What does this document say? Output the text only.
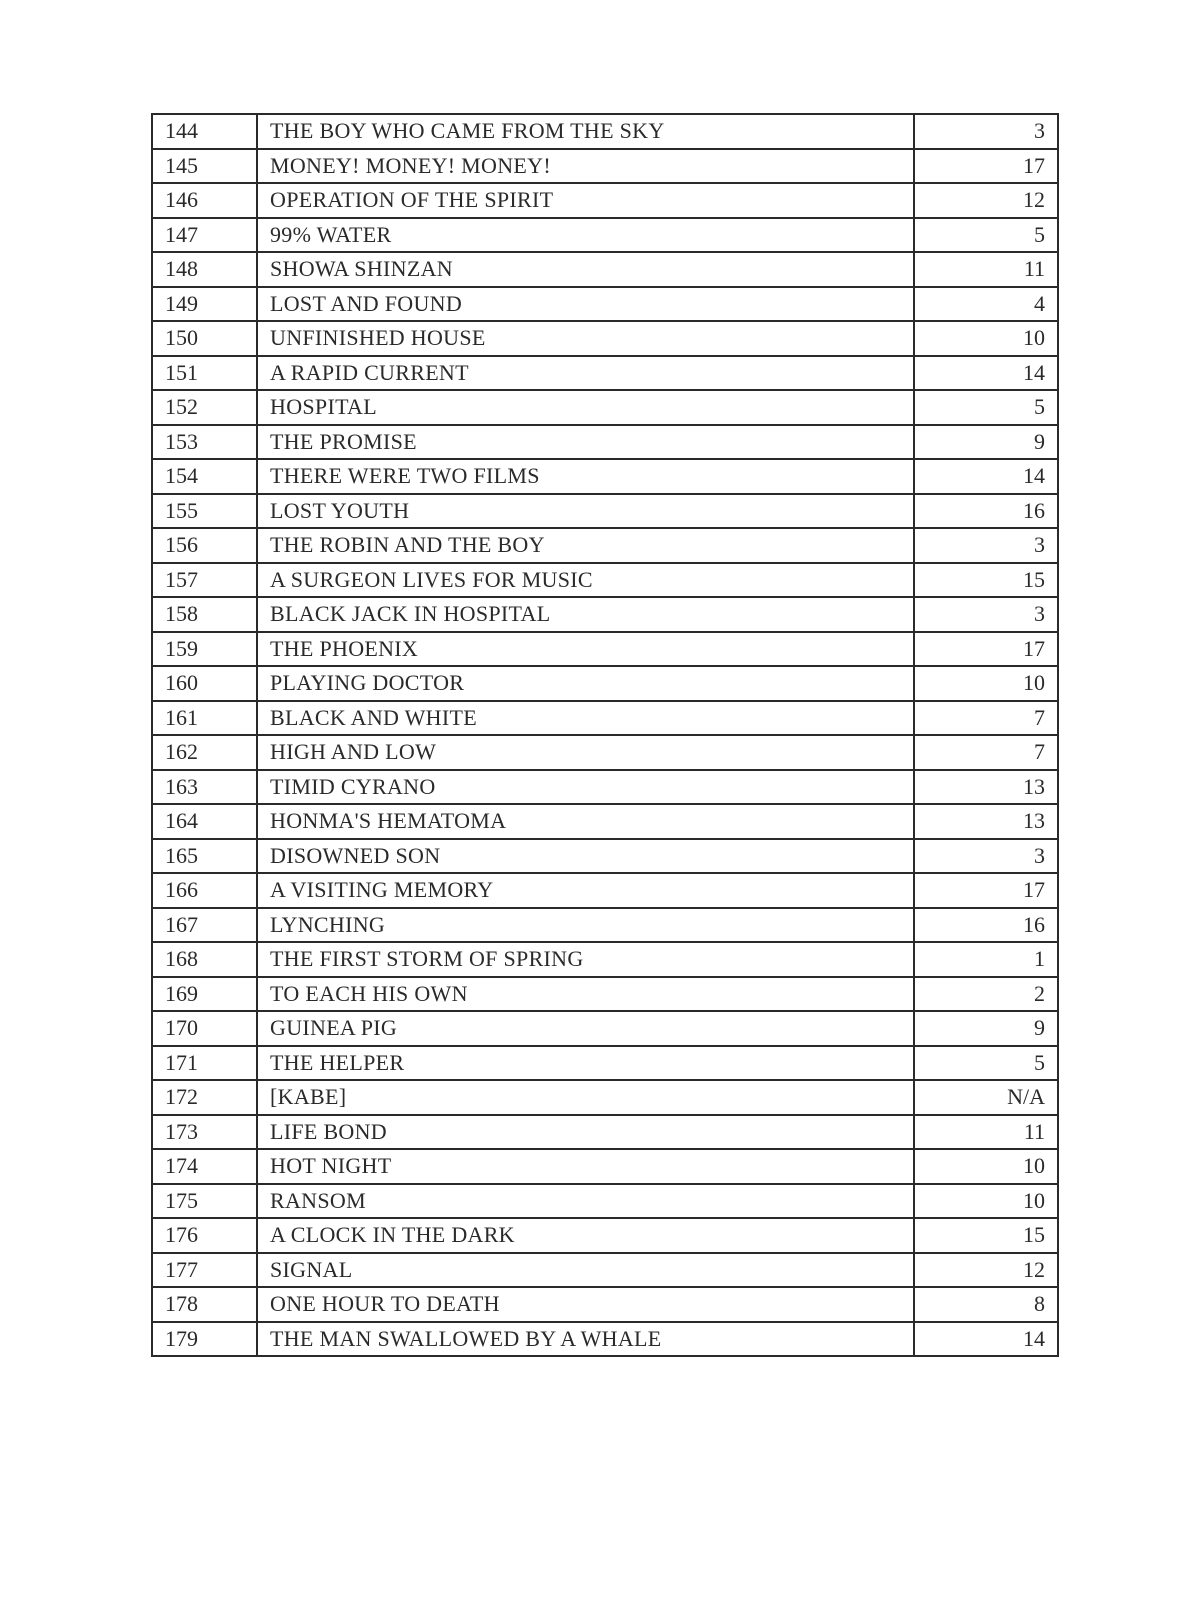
144	THE BOY WHO CAME FROM THE SKY	3
145	MONEY! MONEY! MONEY!	17
146	OPERATION OF THE SPIRIT	12
147	99% WATER	5
148	SHOWA SHINZAN	11
149	LOST AND FOUND	4
150	UNFINISHED HOUSE	10
151	A RAPID CURRENT	14
152	HOSPITAL	5
153	THE PROMISE	9
154	THERE WERE TWO FILMS	14
155	LOST YOUTH	16
156	THE ROBIN AND THE BOY	3
157	A SURGEON LIVES FOR MUSIC	15
158	BLACK JACK IN HOSPITAL	3
159	THE PHOENIX	17
160	PLAYING DOCTOR	10
161	BLACK AND WHITE	7
162	HIGH AND LOW	7
163	TIMID CYRANO	13
164	HONMA'S HEMATOMA	13
165	DISOWNED SON	3
166	A VISITING MEMORY	17
167	LYNCHING	16
168	THE FIRST STORM OF SPRING	1
169	TO EACH HIS OWN	2
170	GUINEA PIG	9
171	THE HELPER	5
172	[KABE]	N/A
173	LIFE BOND	11
174	HOT NIGHT	10
175	RANSOM	10
176	A CLOCK IN THE DARK	15
177	SIGNAL	12
178	ONE HOUR TO DEATH	8
179	THE MAN SWALLOWED BY A WHALE	14
